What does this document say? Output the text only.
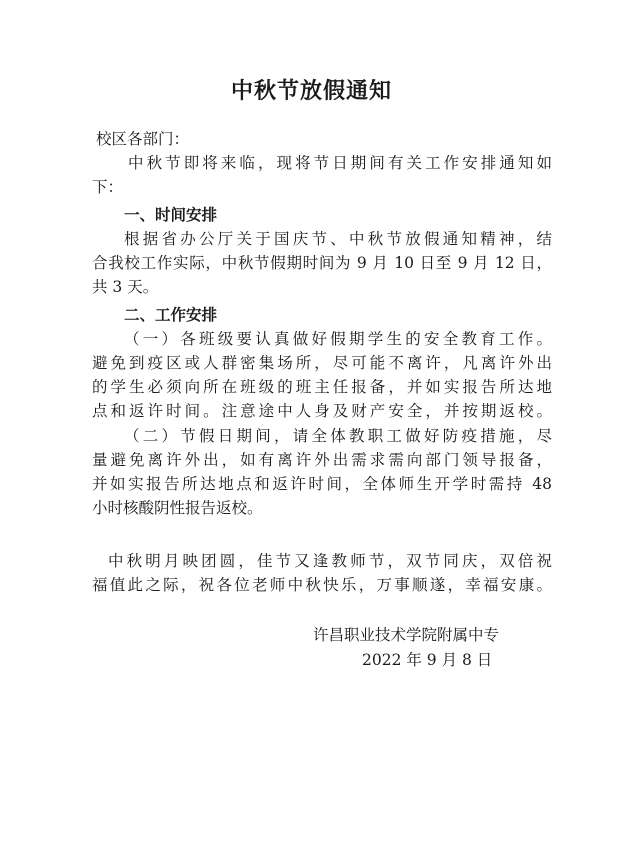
中秋节放假通知
校区各部门：
中秋节即将来临，现将节日期间有关工作安排通知如
下：
一、时间安排
根据省办公厅关于国庆节、中秋节放假通知精神，结
合我校工作实际，中秋节假期时间为 9 月 10 日至 9 月 12 日，
共 3 天。
二、工作安排
（一）各班级要认真做好假期学生的安全教育工作。
避免到疫区或人群密集场所，尽可能不离许，凡离许外出
的学生必须向所在班级的班主任报备，并如实报告所达地
点和返许时间。注意途中人身及财产安全，并按期返校。
（二）节假日期间，请全体教职工做好防疫措施，尽
量避免离许外出，如有离许外出需求需向部门领导报备，
并如实报告所达地点和返许时间，全体师生开学时需持 48
小时核酸阴性报告返校。
中秋明月映团圆，佳节又逢教师节，双节同庆，双倍祝
福值此之际，祝各位老师中秋快乐，万事顺遂，幸福安康。
许昌职业技术学院附属中专
2022 年 9 月 8 日
